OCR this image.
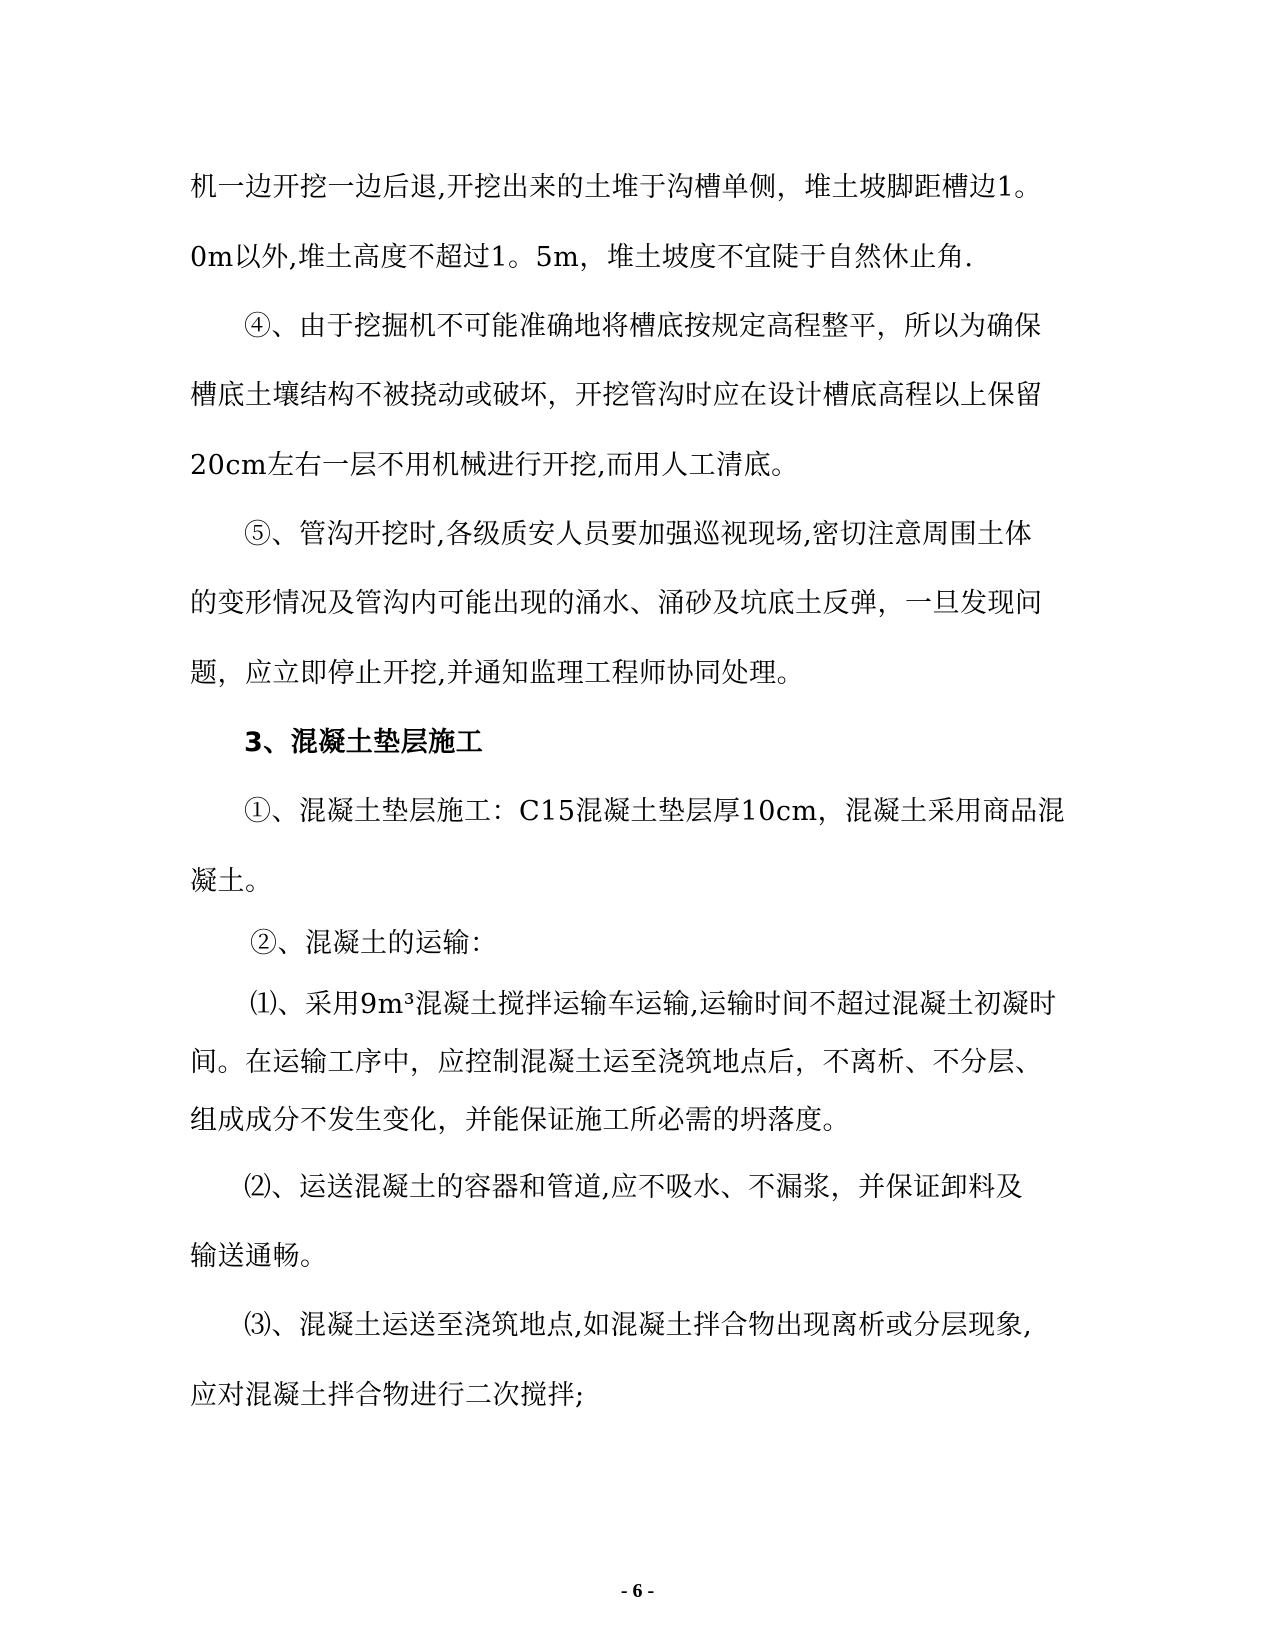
机一边开挖一边后退,开挖出来的土堆于沟槽单侧，堆土坡脚距槽边1。
0m以外,堆土高度不超过1。5m，堆土坡度不宜陡于自然休止角.
④、由于挖掘机不可能准确地将槽底按规定高程整平，所以为确保
槽底土壤结构不被挠动或破坏，开挖管沟时应在设计槽底高程以上保留
20cm左右一层不用机械进行开挖,而用人工清底。
⑤、管沟开挖时,各级质安人员要加强巡视现场,密切注意周围土体
的变形情况及管沟内可能出现的涌水、涌砂及坑底土反弹，一旦发现问
题，应立即停止开挖,并通知监理工程师协同处理。
3、混凝土垫层施工
①、混凝土垫层施工：C15混凝土垫层厚10cm，混凝土采用商品混
凝土。
②、混凝土的运输：
⑴、采用9m³混凝土搅拌运输车运输,运输时间不超过混凝土初凝时
间。在运输工序中，应控制混凝土运至浇筑地点后，不离析、不分层、
组成成分不发生变化，并能保证施工所必需的坍落度。
⑵、运送混凝土的容器和管道,应不吸水、不漏浆，并保证卸料及
输送通畅。
⑶、混凝土运送至浇筑地点,如混凝土拌合物出现离析或分层现象,
应对混凝土拌合物进行二次搅拌;
- 6 -
